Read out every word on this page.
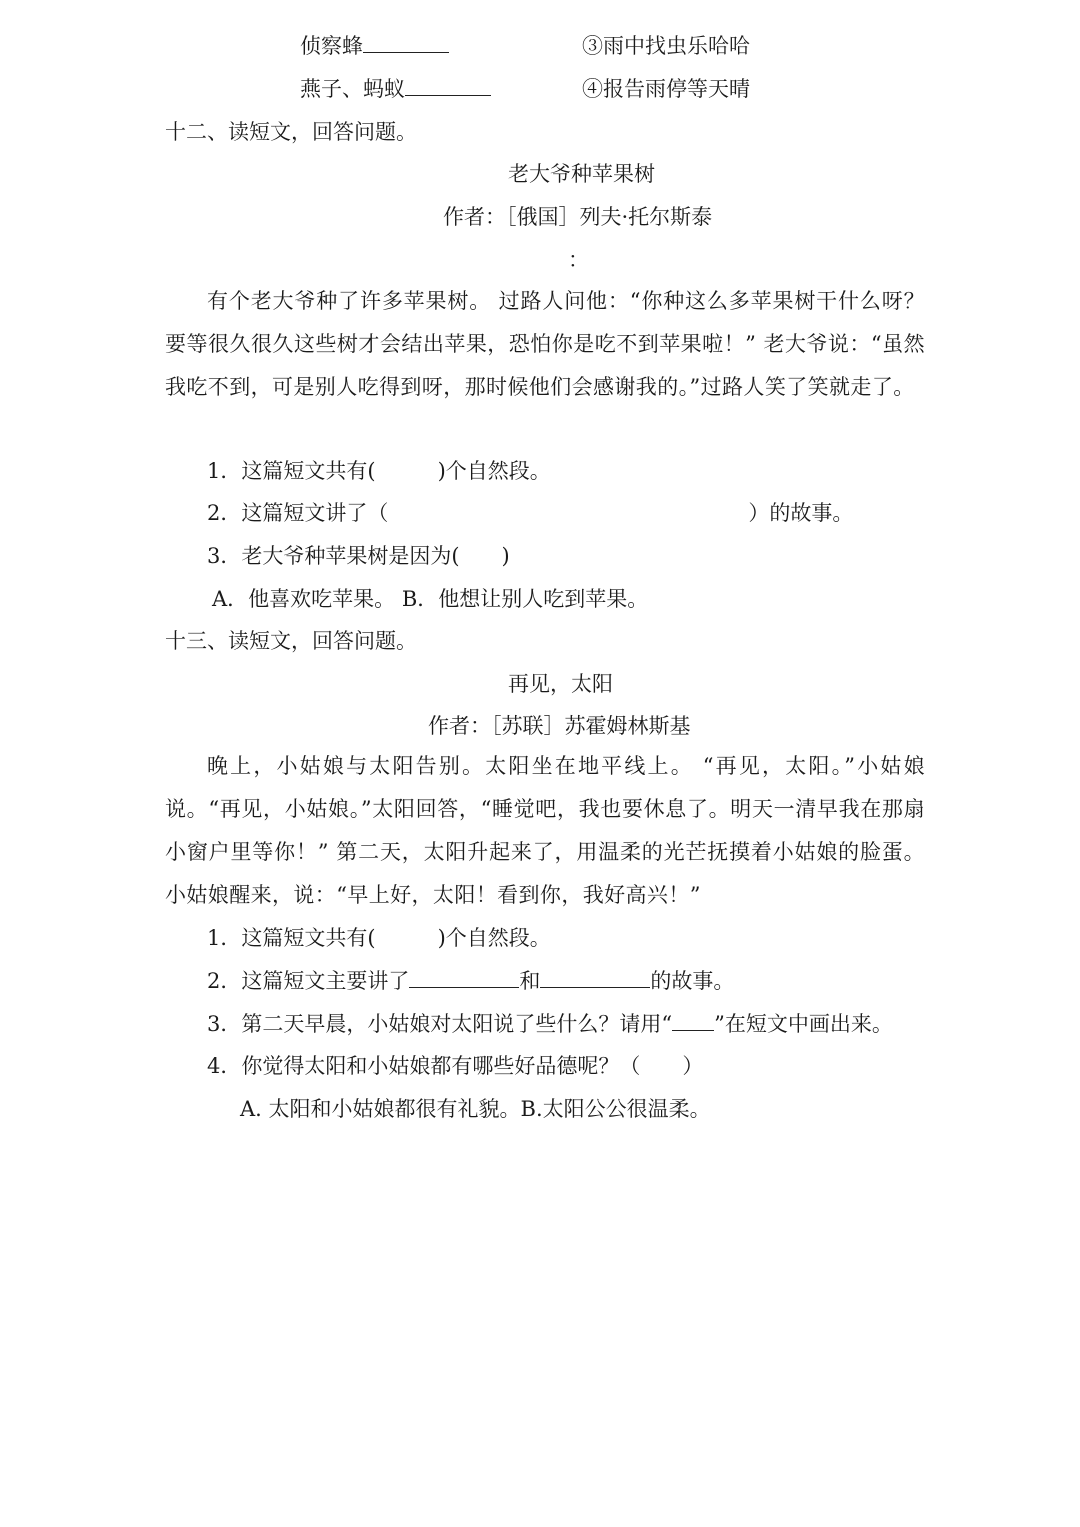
侦察蜂	③雨中找虫乐哈哈
燕子、蚂蚁	④报告雨停等天晴
十二、读短文，回答问题。
老大爷种苹果树
作者：［俄国］列夫·托尔斯泰
：
有个老大爷种了许多苹果树。 过路人问他：“你种这么多苹果树干什么呀？要等很久很久这些树才会结出苹果，恐怕你是吃不到苹果啦！” 老大爷说：“虽然我吃不到，可是别人吃得到呀，那时候他们会感谢我的。”过路人笑了笑就走了。
1．这篇短文共有(	)个自然段。
2．这篇短文讲了（	）的故事。
3．老大爷种苹果树是因为(　　)
A．他喜欢吃苹果。 B．他想让别人吃到苹果。
十三、读短文，回答问题。
再见，太阳
作者：［苏联］苏霍姆林斯基
晚上，小姑娘与太阳告别。太阳坐在地平线上。 “再见，太阳。”小姑娘说。“再见，小姑娘。”太阳回答，“睡觉吧，我也要休息了。明天一清早我在那扇小窗户里等你！” 第二天，太阳升起来了，用温柔的光芒抚摸着小姑娘的脸蛋。小姑娘醒来，说：“早上好，太阳！看到你，我好高兴！”
1．这篇短文共有(	)个自然段。
2．这篇短文主要讲了	和	的故事。
3．第二天早晨，小姑娘对太阳说了些什么？请用“ ”在短文中画出来。
4．你觉得太阳和小姑娘都有哪些好品德呢？（　　）
A. 太阳和小姑娘都很有礼貌。B.太阳公公很温柔。
